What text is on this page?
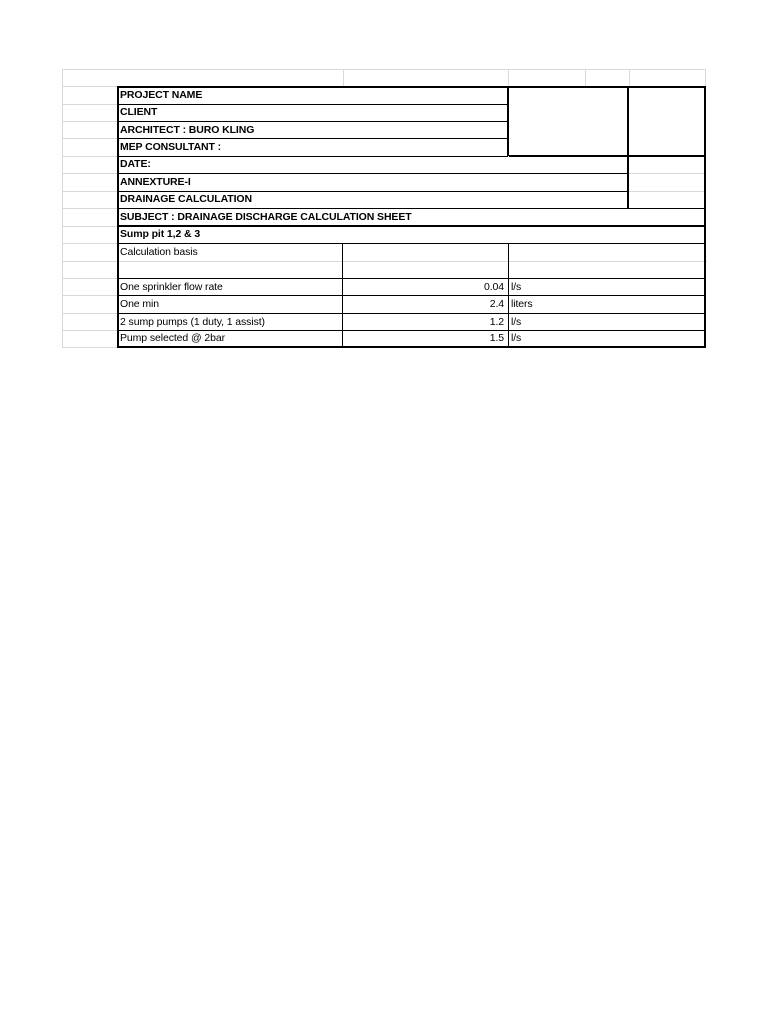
PROJECT NAME
CLIENT
ARCHITECT : BURO KLING
MEP CONSULTANT :
DATE:
ANNEXTURE-I
DRAINAGE CALCULATION
SUBJECT : DRAINAGE DISCHARGE CALCULATION SHEET
Sump pit 1,2 & 3
Calculation basis
One sprinkler flow rate	0.04 l/s
One min	2.4 liters
2 sump pumps (1 duty, 1 assist)	1.2 l/s
Pump selected @ 2bar	1.5 l/s
